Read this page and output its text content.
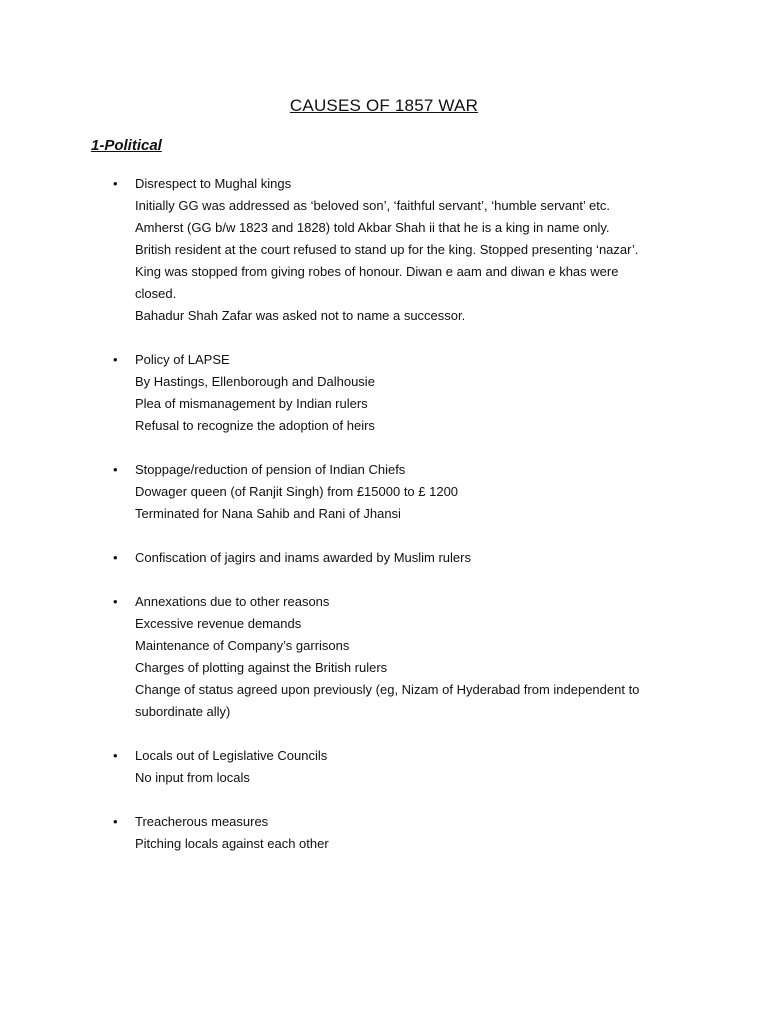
CAUSES OF 1857 WAR
1-Political
• Disrespect to Mughal kings
Initially GG was addressed as ‘beloved son’, ‘faithful servant’, ‘humble servant’ etc.
Amherst (GG b/w 1823 and 1828) told Akbar Shah ii that he is a king in name only.
British resident at the court refused to stand up for the king. Stopped presenting ‘nazar’.
King was stopped from giving robes of honour. Diwan e aam and diwan e khas were
closed.
Bahadur Shah Zafar was asked not to name a successor.
• Policy of LAPSE
By Hastings, Ellenborough and Dalhousie
Plea of mismanagement by Indian rulers
Refusal to recognize the adoption of heirs
• Stoppage/reduction of pension of Indian Chiefs
Dowager queen (of Ranjit Singh) from £15000 to £ 1200
Terminated for Nana Sahib and Rani of Jhansi
• Confiscation of jagirs and inams awarded by Muslim rulers
• Annexations due to other reasons
Excessive revenue demands
Maintenance of Company’s garrisons
Charges of plotting against the British rulers
Change of status agreed upon previously (eg, Nizam of Hyderabad from independent to
subordinate ally)
• Locals out of Legislative Councils
No input from locals
• Treacherous measures
Pitching locals against each other
